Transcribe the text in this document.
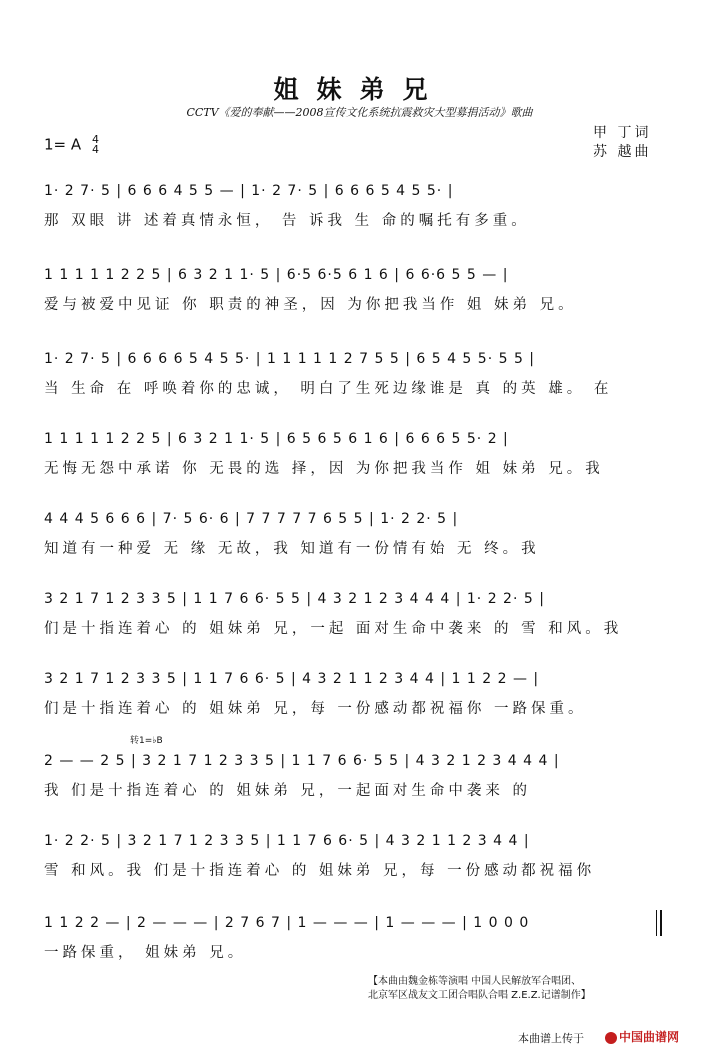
姐妹弟兄
CCTV《爱的奉献——2008宣传文化系统抗震救灾大型募捐活动》歌曲
1= A 4
4
甲 丁词
苏 越曲
1· 2 7· 5 | 6 6 6 4 5 5 — | 1· 2 7· 5 | 6 6 6 5 4 5 5· |
那 双眼 讲 述着真情永恒， 告 诉我 生 命的嘱托有多重。
1 1 1 1 1 2 2 5 | 6 3 2 1 1· 5 | 6·5 6·5 6 1 6 | 6 6·6 5 5 — |
爱与被爱中见证 你 职责的神圣，因 为你把我当作 姐 妹弟 兄。
1· 2 7· 5 | 6 6 6 6 5 4 5 5· | 1 1 1 1 1 2 7 5 5 | 6 5 4 5 5· 5 5 |
当 生命 在 呼唤着你的忠诚， 明白了生死边缘谁是 真 的英 雄。 在
1 1 1 1 1 2 2 5 | 6 3 2 1 1· 5 | 6 5 6 5 6 1 6 | 6 6 6 5 5· 2 |
无悔无怨中承诺 你 无畏的选 择，因 为你把我当作 姐 妹弟 兄。我
4 4 4 5 6 6 6 | 7· 5 6· 6 | 7 7 7 7 7 6 5 5 | 1· 2 2· 5 |
知道有一种爱 无 缘 无故，我 知道有一份情有始 无 终。我
3 2 1 7 1 2 3 3 5 | 1 1 7 6 6· 5 5 | 4 3 2 1 2 3 4 4 4 | 1· 2 2· 5 |
们是十指连着心 的 姐妹弟 兄，一起 面对生命中袭来 的 雪 和风。我
3 2 1 7 1 2 3 3 5 | 1 1 7 6 6· 5 | 4 3 2 1 1 2 3 4 4 | 1 1 2 2 — |
们是十指连着心 的 姐妹弟 兄，每 一份感动都祝福你 一路保重。
2 — — 2 5 | 3 2 1 7 1 2 3 3 5 | 1 1 7 6 6· 5 5 | 4 3 2 1 2 3 4 4 4 |
我 们是十指连着心 的 姐妹弟 兄，一起面对生命中袭来 的
1· 2 2· 5 | 3 2 1 7 1 2 3 3 5 | 1 1 7 6 6· 5 | 4 3 2 1 1 2 3 4 4 |
雪 和风。我 们是十指连着心 的 姐妹弟 兄，每 一份感动都祝福你
1 1 2 2 — | 2 — — — | 2 7 6 7 | 1 — — — | 1 — — — | 1 0 0 0
一路保重， 姐妹弟 兄。
转1=♭B
【本曲由魏金栋等演唱 中国人民解放军合唱团、
北京军区战友文工团合唱队合唱 Z.E.Z.记谱制作】
本曲谱上传于	中国曲谱网
